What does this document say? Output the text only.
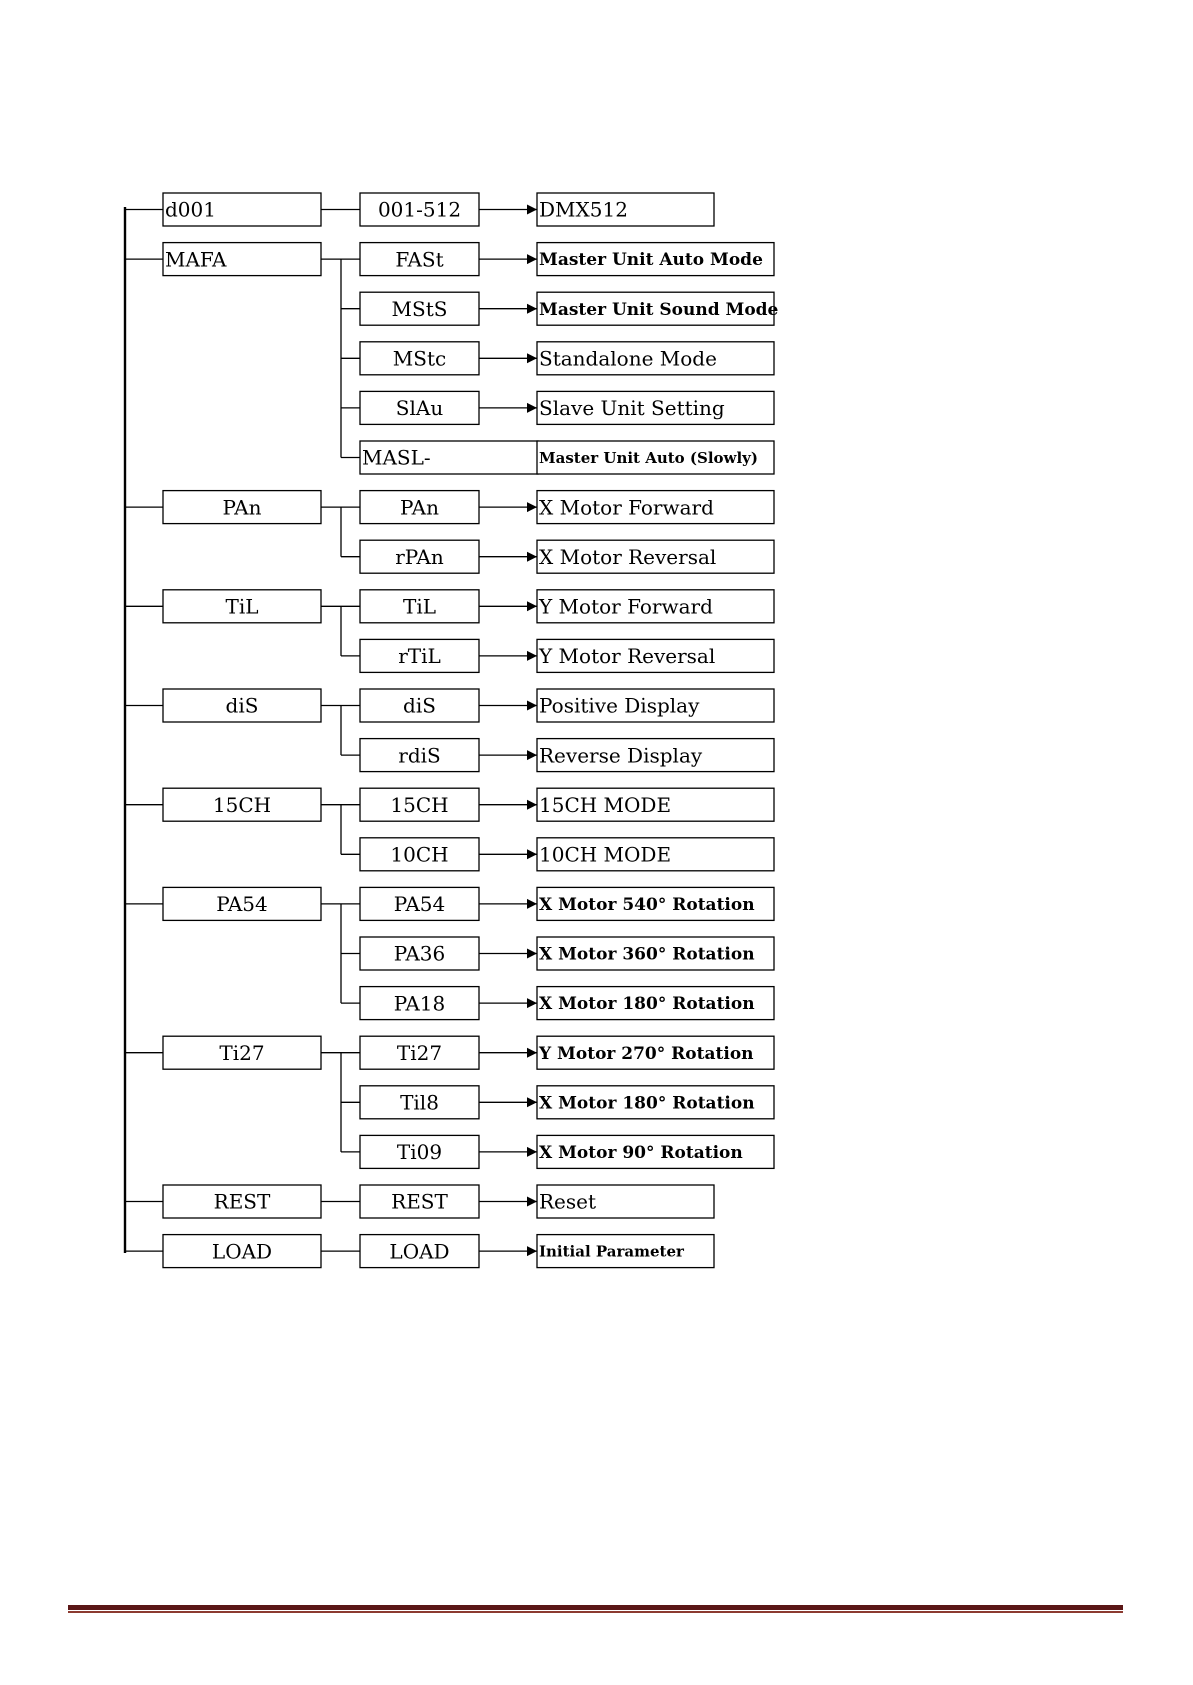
d001	001-512	DMX512
MAFA	FASt	Master Unit Auto Mode
MStS	Master Unit Sound Mode
MStc	Standalone Mode
SlAu	Slave Unit Setting
MASL-	Master Unit Auto (Slowly)
PAn	PAn	X Motor Forward
rPAn	X Motor Reversal
TiL	TiL	Y Motor Forward
rTiL	Y Motor Reversal
diS	diS	Positive Display
rdiS	Reverse Display
15CH	15CH	15CH MODE
10CH	10CH MODE
PA54	PA54	X Motor 540° Rotation
PA36	X Motor 360° Rotation
PA18	X Motor 180° Rotation
Ti27	Ti27	Y Motor 270° Rotation
Til8	X Motor 180° Rotation
Ti09	X Motor 90° Rotation
REST	REST	Reset
LOAD	LOAD	Initial Parameter
